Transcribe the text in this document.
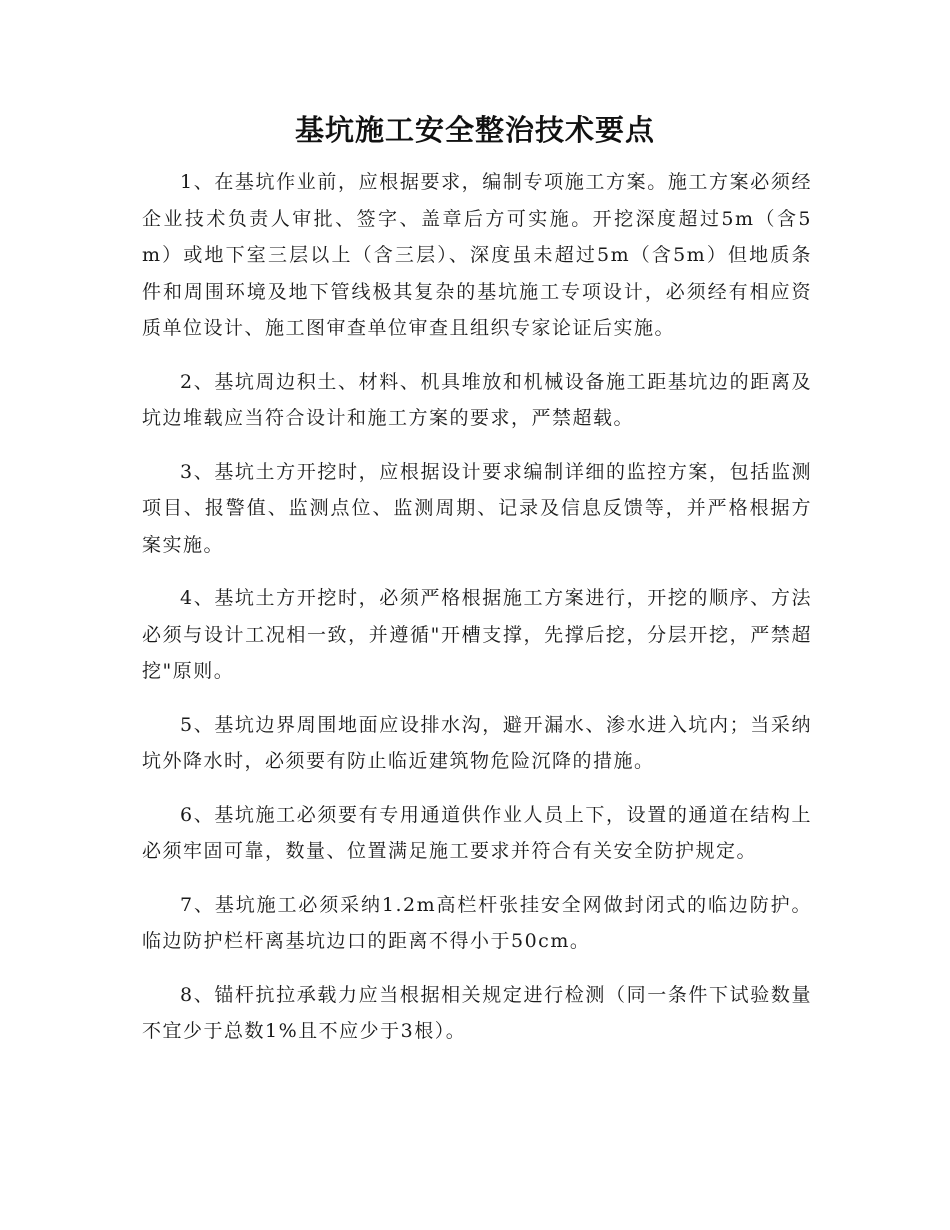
基坑施工安全整治技术要点

1、在基坑作业前，应根据要求，编制专项施工方案。施工方案必须经企业技术负责人审批、签字、盖章后方可实施。开挖深度超过5m（含5m）或地下室三层以上（含三层）、深度虽未超过5m（含5m）但地质条件和周围环境及地下管线极其复杂的基坑施工专项设计，必须经有相应资质单位设计、施工图审查单位审查且组织专家论证后实施。

2、基坑周边积土、材料、机具堆放和机械设备施工距基坑边的距离及坑边堆载应当符合设计和施工方案的要求，严禁超载。

3、基坑土方开挖时，应根据设计要求编制详细的监控方案，包括监测项目、报警值、监测点位、监测周期、记录及信息反馈等，并严格根据方案实施。

4、基坑土方开挖时，必须严格根据施工方案进行，开挖的顺序、方法必须与设计工况相一致，并遵循"开槽支撑，先撑后挖，分层开挖，严禁超挖"原则。

5、基坑边界周围地面应设排水沟，避开漏水、渗水进入坑内；当采纳坑外降水时，必须要有防止临近建筑物危险沉降的措施。

6、基坑施工必须要有专用通道供作业人员上下，设置的通道在结构上必须牢固可靠，数量、位置满足施工要求并符合有关安全防护规定。

7、基坑施工必须采纳1.2m高栏杆张挂安全网做封闭式的临边防护。临边防护栏杆离基坑边口的距离不得小于50cm。

8、锚杆抗拉承载力应当根据相关规定进行检测（同一条件下试验数量不宜少于总数1%且不应少于3根）。
